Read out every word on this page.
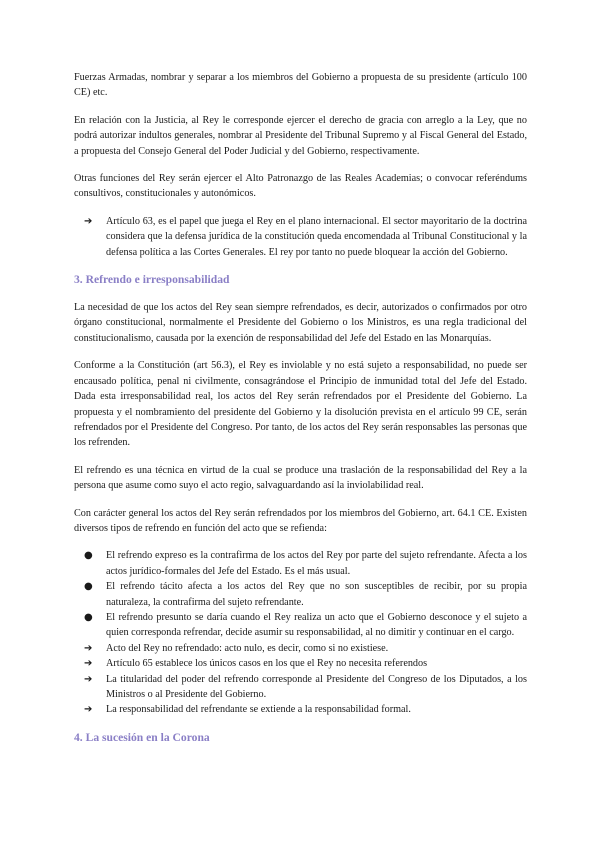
Fuerzas Armadas, nombrar y separar a los miembros del Gobierno a propuesta de su presidente (artículo 100 CE) etc.

En relación con la Justicia, al Rey le corresponde ejercer el derecho de gracia con arreglo a la Ley, que no podrá autorizar indultos generales, nombrar al Presidente del Tribunal Supremo y al Fiscal General del Estado, a propuesta del Consejo General del Poder Judicial y del Gobierno, respectivamente.

Otras funciones del Rey serán ejercer el Alto Patronazgo de las Reales Academias; o convocar referéndums consultivos, constitucionales y autonómicos.

➔	Artículo 63, es el papel que juega el Rey en el plano internacional. El sector mayoritario de la doctrina considera que la defensa jurídica de la constitución queda encomendada al Tribunal Constitucional y la defensa política a las Cortes Generales. El rey por tanto no puede bloquear la acción del Gobierno.
3. Refrendo e irresponsabilidad

La necesidad de que los actos del Rey sean siempre refrendados, es decir, autorizados o confirmados por otro órgano constitucional, normalmente el Presidente del Gobierno o los Ministros, es una regla tradicional del constitucionalismo, causada por la exención de responsabilidad del Jefe del Estado en las Monarquías.

Conforme a la Constitución (art 56.3), el Rey es inviolable y no está sujeto a responsabilidad, no puede ser encausado política, penal ni civilmente, consagrándose el Principio de inmunidad total del Jefe del Estado. Dada esta irresponsabilidad real, los actos del Rey serán refrendados por el Presidente del Gobierno. La propuesta y el nombramiento del presidente del Gobierno y la disolución prevista en el artículo 99 CE, serán refrendados por el Presidente del Congreso. Por tanto, de los actos del Rey serán responsables las personas que los refrenden.

El refrendo es una técnica en virtud de la cual se produce una traslación de la responsabilidad del Rey a la persona que asume como suyo el acto regio, salvaguardando así la inviolabilidad real.

Con carácter general los actos del Rey serán refrendados por los miembros del Gobierno, art. 64.1 CE. Existen diversos tipos de refrendo en función del acto que se refienda:

●	El refrendo expreso es la contrafirma de los actos del Rey por parte del sujeto refrendante. Afecta a los actos jurídico-formales del Jefe del Estado. Es el más usual.
●	El refrendo tácito afecta a los actos del Rey que no son susceptibles de recibir, por su propia naturaleza, la contrafirma del sujeto refrendante.
●	El refrendo presunto se daría cuando el Rey realiza un acto que el Gobierno desconoce y el sujeto a quien corresponda refrendar, decide asumir su responsabilidad, al no dimitir y continuar en el cargo.
➔	Acto del Rey no refrendado: acto nulo, es decir, como si no existiese.
➔	Artículo 65 establece los únicos casos en los que el Rey no necesita referendos
➔	La titularidad del poder del refrendo corresponde al Presidente del Congreso de los Diputados, a los Ministros o al Presidente del Gobierno.
➔	La responsabilidad del refrendante se extiende a la responsabilidad formal.
4. La sucesión en la Corona
